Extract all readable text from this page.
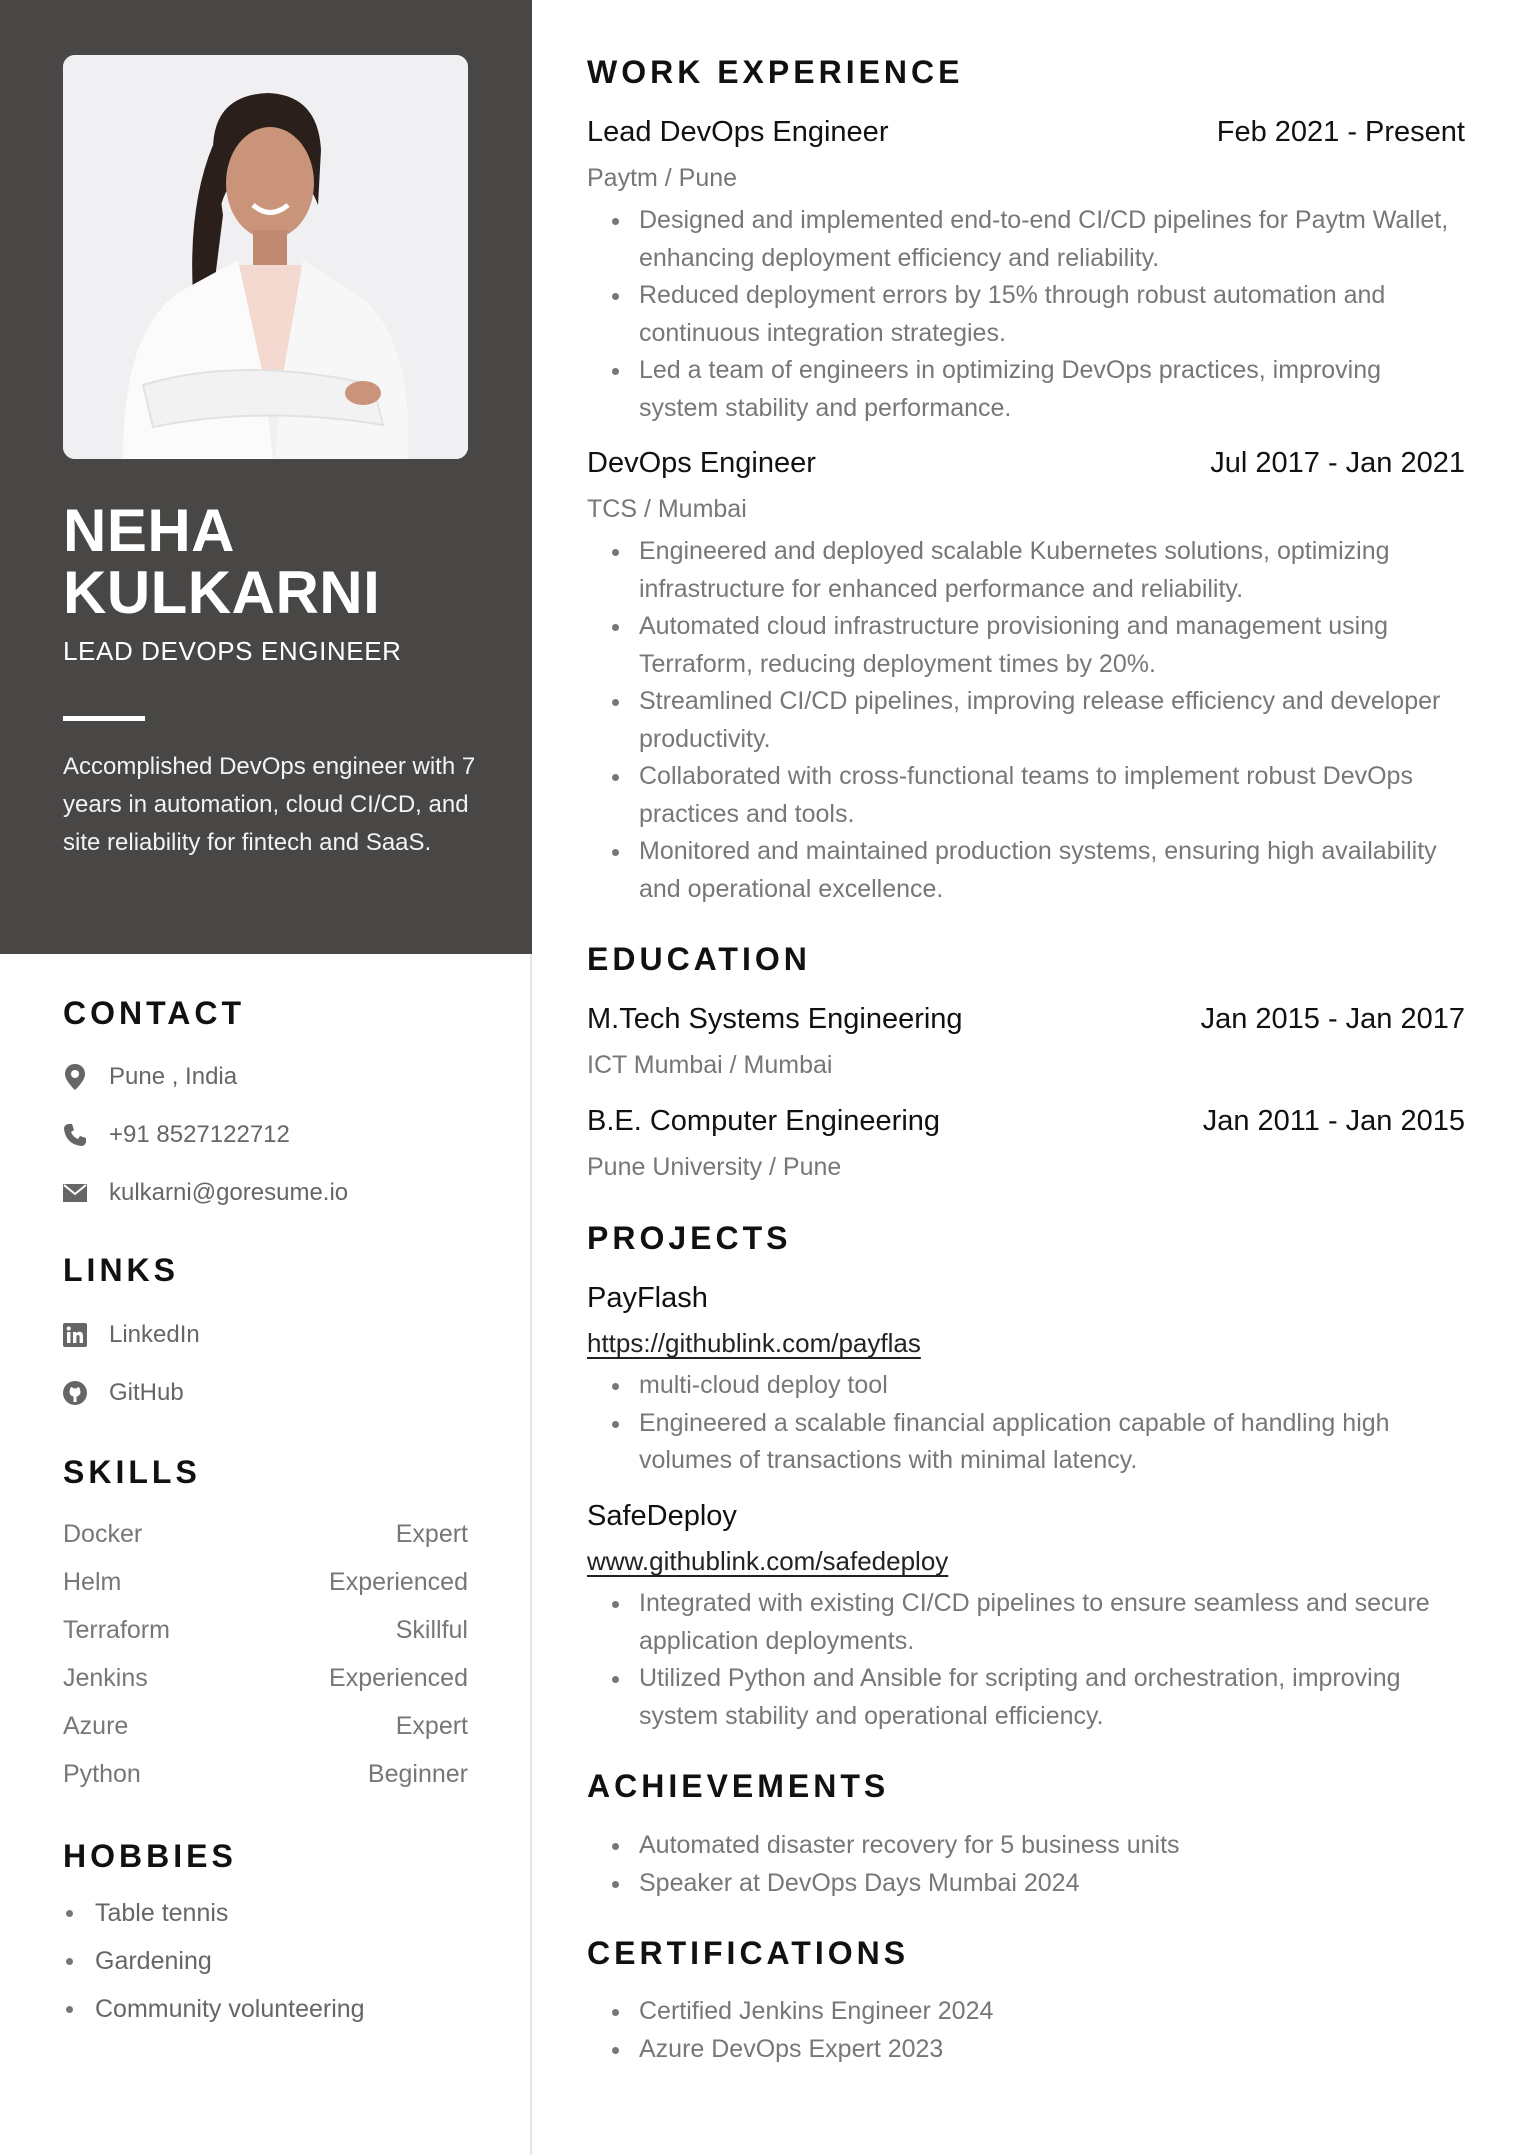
NEHA
KULKARNI
LEAD DEVOPS ENGINEER
Accomplished DevOps engineer with 7 years in automation, cloud CI/CD, and site reliability for fintech and SaaS.
CONTACT
Pune , India
+91 8527122712
kulkarni@goresume.io
LINKS
LinkedIn
GitHub
SKILLS
Docker	Expert
Helm	Experienced
Terraform	Skillful
Jenkins	Experienced
Azure	Expert
Python	Beginner
HOBBIES
Table tennis
Gardening
Community volunteering
WORK EXPERIENCE
Lead DevOps Engineer	Feb 2021 - Present
Paytm / Pune
Designed and implemented end-to-end CI/CD pipelines for Paytm Wallet, enhancing deployment efficiency and reliability.
Reduced deployment errors by 15% through robust automation and continuous integration strategies.
Led a team of engineers in optimizing DevOps practices, improving system stability and performance.
DevOps Engineer	Jul 2017 - Jan 2021
TCS / Mumbai
Engineered and deployed scalable Kubernetes solutions, optimizing infrastructure for enhanced performance and reliability.
Automated cloud infrastructure provisioning and management using Terraform, reducing deployment times by 20%.
Streamlined CI/CD pipelines, improving release efficiency and developer productivity.
Collaborated with cross-functional teams to implement robust DevOps practices and tools.
Monitored and maintained production systems, ensuring high availability and operational excellence.
EDUCATION
M.Tech Systems Engineering	Jan 2015 - Jan 2017
ICT Mumbai / Mumbai
B.E. Computer Engineering	Jan 2011 - Jan 2015
Pune University / Pune
PROJECTS
PayFlash
https://githublink.com/payflas
multi-cloud deploy tool
Engineered a scalable financial application capable of handling high volumes of transactions with minimal latency.
SafeDeploy
www.githublink.com/safedeploy
Integrated with existing CI/CD pipelines to ensure seamless and secure application deployments.
Utilized Python and Ansible for scripting and orchestration, improving system stability and operational efficiency.
ACHIEVEMENTS
Automated disaster recovery for 5 business units
Speaker at DevOps Days Mumbai 2024
CERTIFICATIONS
Certified Jenkins Engineer 2024
Azure DevOps Expert 2023
